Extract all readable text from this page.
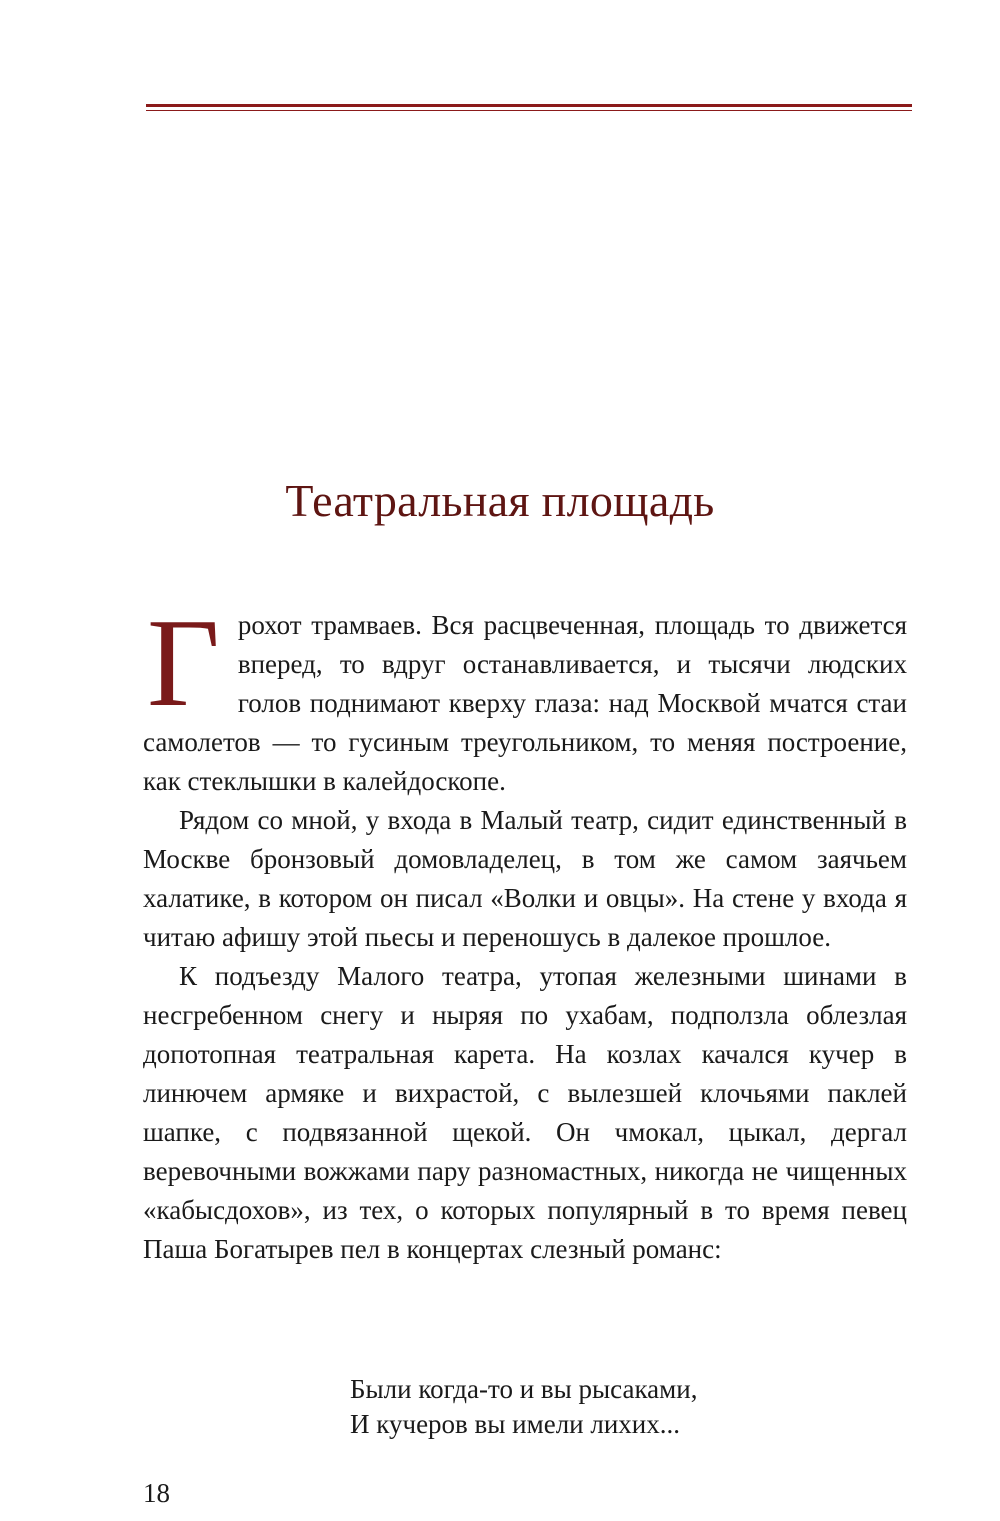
Театральная площадь

Грохот трамваев. Вся расцвеченная, площадь то движется вперед, то вдруг останавливается, и тысячи людских голов поднимают кверху глаза: над Москвой мчатся стаи самолетов — то гусиным треугольником, то меняя построение, как стеклышки в калейдоскопе.

Рядом со мной, у входа в Малый театр, сидит единственный в Москве бронзовый домовладелец, в том же самом заячьем халатике, в котором он писал «Волки и овцы». На стене у входа я читаю афишу этой пьесы и переношусь в далекое прошлое.

К подъезду Малого театра, утопая железными шинами в несгребенном снегу и ныряя по ухабам, подползла облезлая допотопная театральная карета. На козлах качался кучер в линючем армяке и вихрастой, с вылезшей клочьями паклей шапке, с подвязанной щекой. Он чмокал, цыкал, дергал веревочными вожжами пару разномастных, никогда не чищенных «кабысдохов», из тех, о которых популярный в то время певец Паша Богатырев пел в концертах слезный романс:

Были когда-то и вы рысаками,
И кучеров вы имели лихих...
18
